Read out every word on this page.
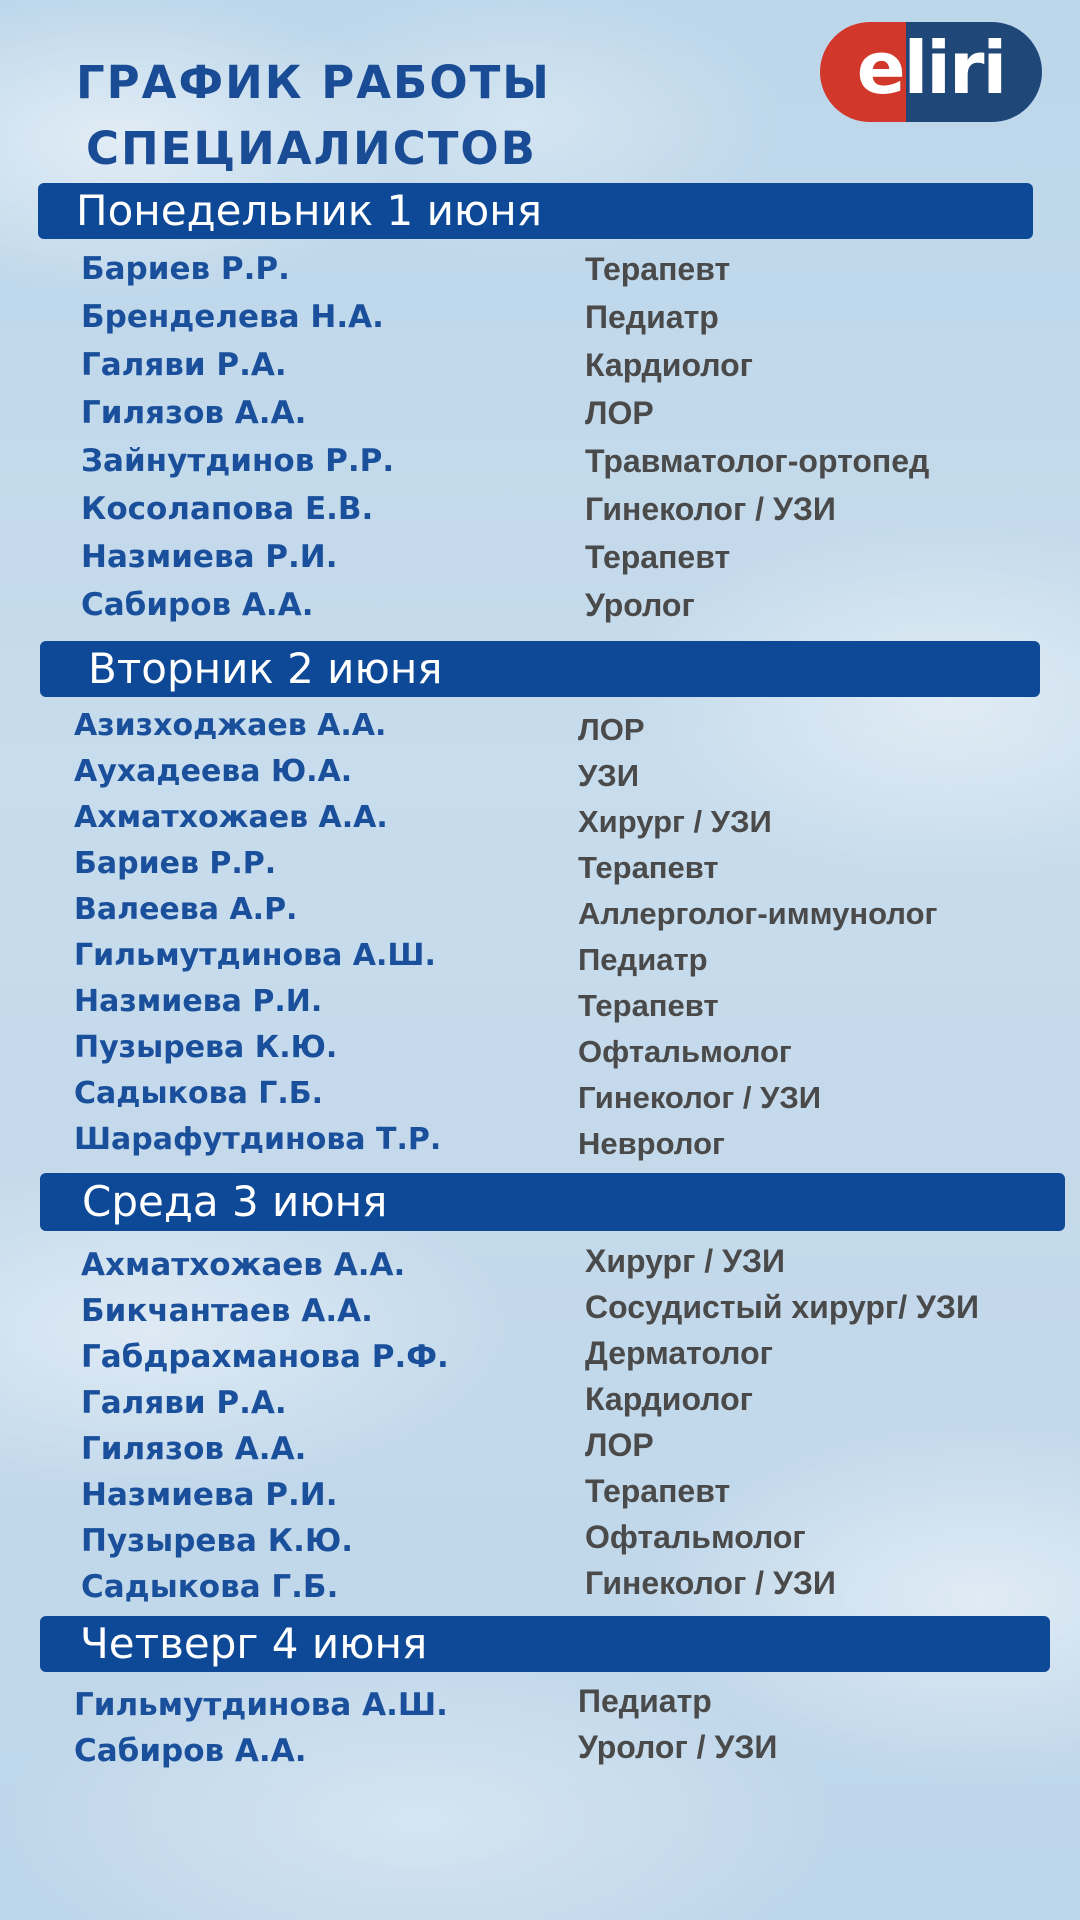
ГРАФИК РАБОТЫ
СПЕЦИАЛИСТОВ
eliri
Понедельник 1 июня
Бариев Р.Р.	Терапевт
Бренделева Н.А.	Педиатр
Галяви Р.А.	Кардиолог
Гилязов А.А.	ЛОР
Зайнутдинов Р.Р.	Травматолог-ортопед
Косолапова Е.В.	Гинеколог / УЗИ
Назмиева Р.И.	Терапевт
Сабиров А.А.	Уролог
Вторник 2 июня
Азизходжаев А.А.	ЛОР
Аухадеева Ю.А.	УЗИ
Ахматхожаев А.А.	Хирург / УЗИ
Бариев Р.Р.	Терапевт
Валеева А.Р.	Аллерголог-иммунолог
Гильмутдинова А.Ш.	Педиатр
Назмиева Р.И.	Терапевт
Пузырева К.Ю.	Офтальмолог
Садыкова Г.Б.	Гинеколог / УЗИ
Шарафутдинова Т.Р.	Невролог
Среда 3 июня
Ахматхожаев А.А.	Хирург / УЗИ
Бикчантаев А.А.	Сосудистый хирург/ УЗИ
Габдрахманова Р.Ф.	Дерматолог
Галяви Р.А.	Кардиолог
Гилязов А.А.	ЛОР
Назмиева Р.И.	Терапевт
Пузырева К.Ю.	Офтальмолог
Садыкова Г.Б.	Гинеколог / УЗИ
Четверг 4 июня
Гильмутдинова А.Ш.	Педиатр
Сабиров А.А.	Уролог / УЗИ
